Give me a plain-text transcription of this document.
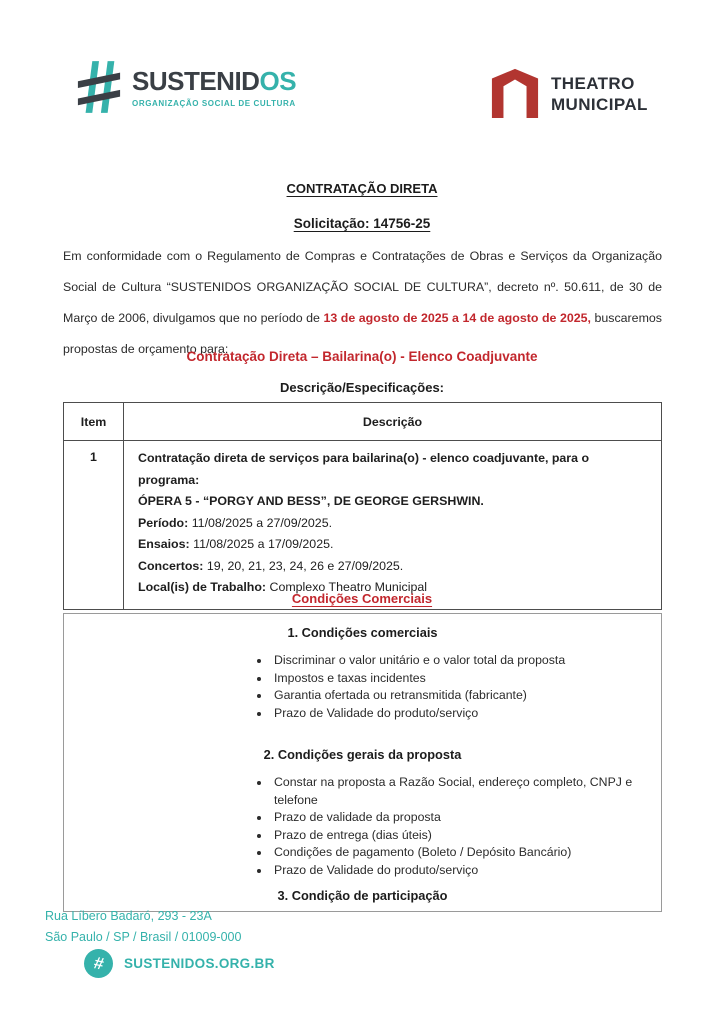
SUSTENIDOS
ORGANIZAÇÃO SOCIAL DE CULTURA
THEATRO
MUNICIPAL
CONTRATAÇÃO DIRETA
Solicitação: 14756-25

Em conformidade com o Regulamento de Compras e Contratações de Obras e Serviços da Organização Social de Cultura “SUSTENIDOS ORGANIZAÇÃO SOCIAL DE CULTURA”, decreto nº. 50.611, de 30 de Março de 2006, divulgamos que no período de 13 de agosto de 2025 a 14 de agosto de 2025, buscaremos propostas de orçamento para:

Contratação Direta – Bailarina(o) - Elenco Coadjuvante
Descrição/Especificações:
Item	Descrição
1	Contratação direta de serviços para bailarina(o) - elenco coadjuvante, para o programa:
ÓPERA 5 - “PORGY AND BESS”, DE GEORGE GERSHWIN.
Período: 11/08/2025 a 27/09/2025.
Ensaios: 11/08/2025 a 17/09/2025.
Concertos: 19, 20, 21, 23, 24, 26 e 27/09/2025.
Local(is) de Trabalho: Complexo Theatro Municipal
Condições Comerciais
1. Condições comerciais
• Discriminar o valor unitário e o valor total da proposta
• Impostos e taxas incidentes
• Garantia ofertada ou retransmitida (fabricante)
• Prazo de Validade do produto/serviço
2. Condições gerais da proposta
• Constar na proposta a Razão Social, endereço completo, CNPJ e telefone
• Prazo de validade da proposta
• Prazo de entrega (dias úteis)
• Condições de pagamento (Boleto / Depósito Bancário)
• Prazo de Validade do produto/serviço
3. Condição de participação
Rua Líbero Badaró, 293 - 23A
São Paulo / SP / Brasil / 01009-000
# SUSTENIDOS.ORG.BR
